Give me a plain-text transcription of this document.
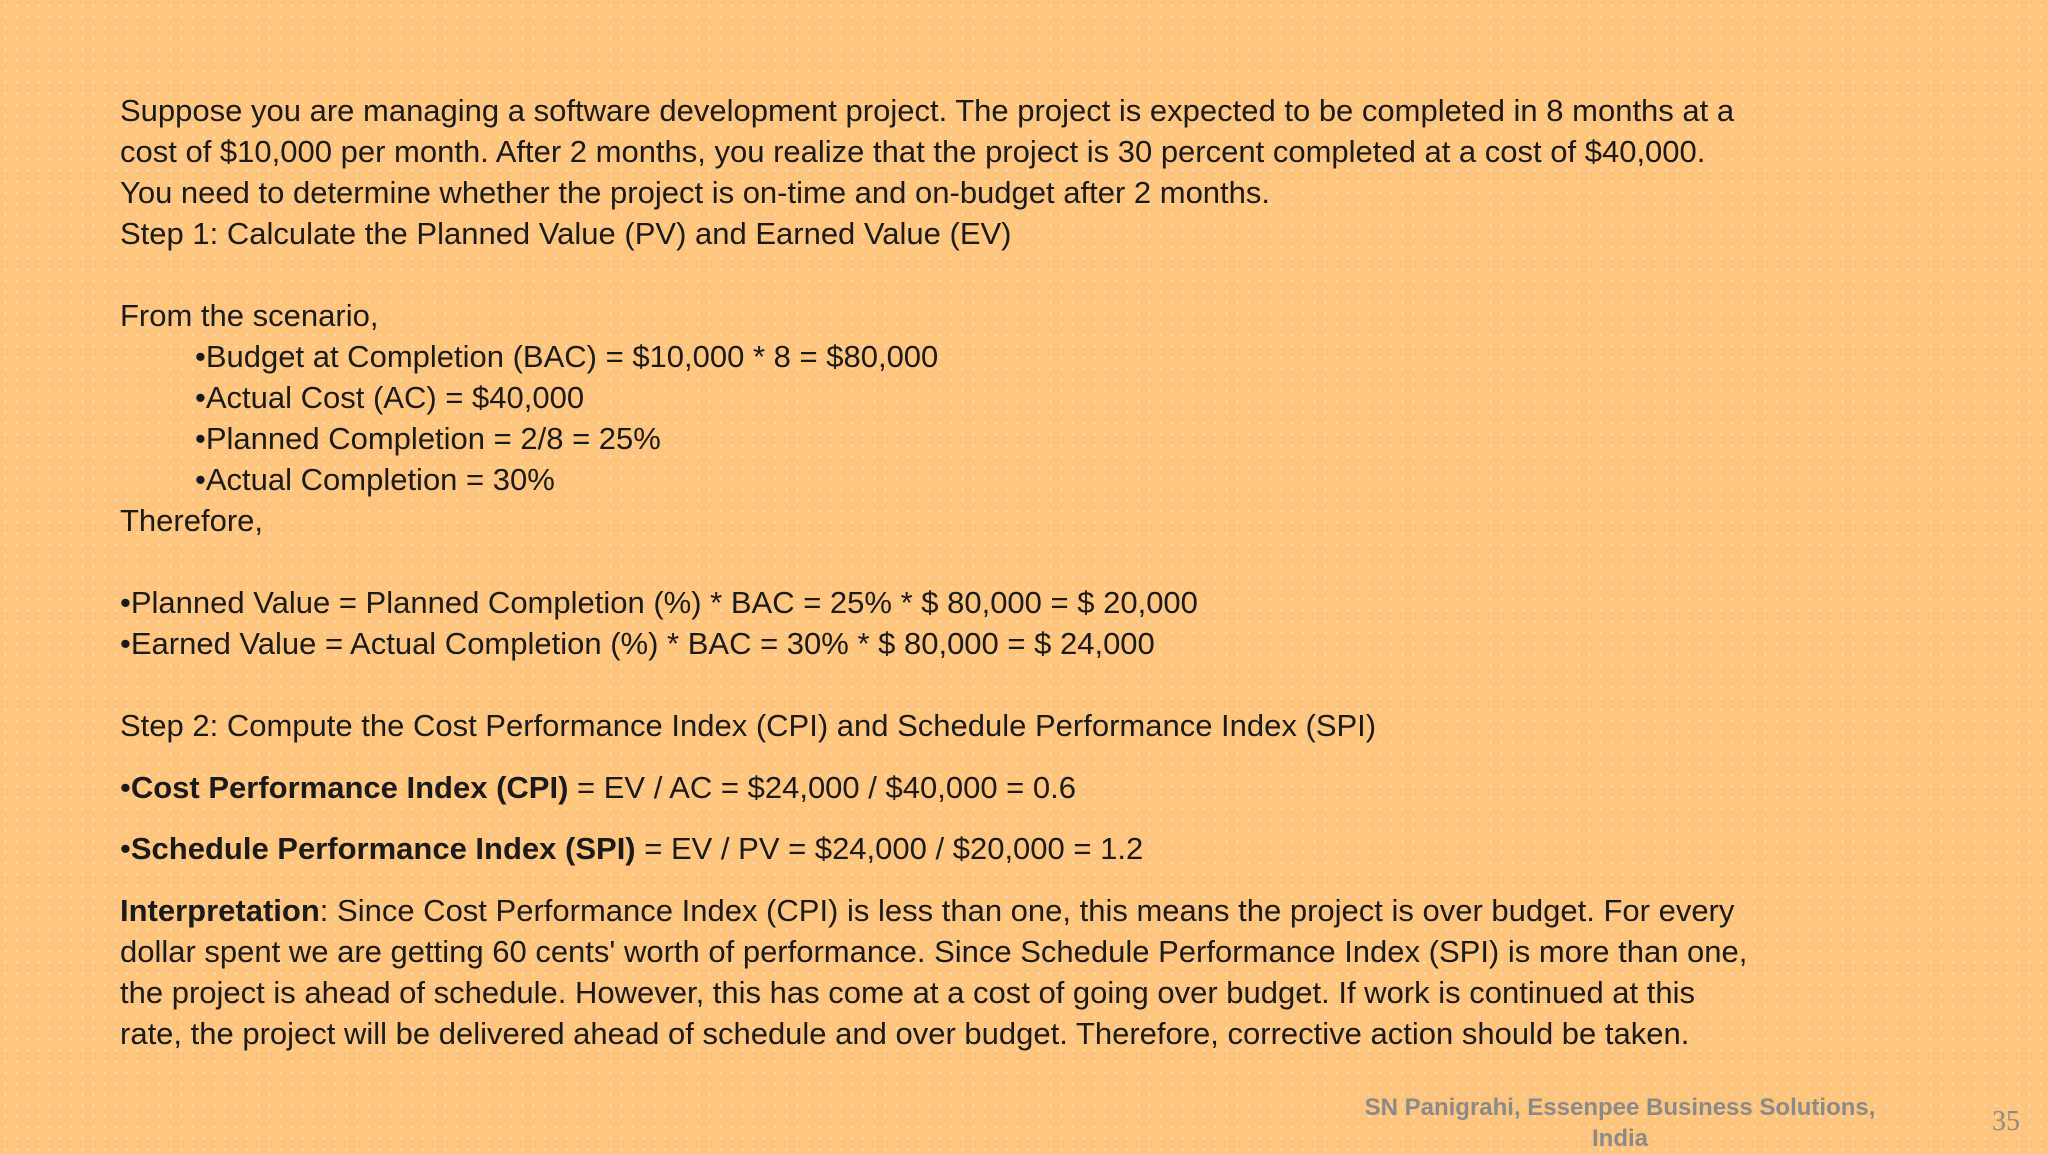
Suppose you are managing a software development project. The project is expected to be completed in 8 months at a
cost of $10,000 per month. After 2 months, you realize that the project is 30 percent completed at a cost of $40,000.
You need to determine whether the project is on-time and on-budget after 2 months.
Step 1: Calculate the Planned Value (PV) and Earned Value (EV)
From the scenario,
•Budget at Completion (BAC) = $10,000 * 8 = $80,000
•Actual Cost (AC) = $40,000
•Planned Completion = 2/8 = 25%
•Actual Completion = 30%
Therefore,
•Planned Value = Planned Completion (%) * BAC = 25% * $ 80,000 = $ 20,000
•Earned Value = Actual Completion (%) * BAC = 30% * $ 80,000 = $ 24,000
Step 2: Compute the Cost Performance Index (CPI) and Schedule Performance Index (SPI)
•Cost Performance Index (CPI) = EV / AC = $24,000 / $40,000 = 0.6
•Schedule Performance Index (SPI) = EV / PV = $24,000 / $20,000 = 1.2
Interpretation: Since Cost Performance Index (CPI) is less than one, this means the project is over budget. For every
dollar spent we are getting 60 cents' worth of performance. Since Schedule Performance Index (SPI) is more than one,
the project is ahead of schedule. However, this has come at a cost of going over budget. If work is continued at this
rate, the project will be delivered ahead of schedule and over budget. Therefore, corrective action should be taken.
SN Panigrahi, Essenpee Business Solutions,
India
35
